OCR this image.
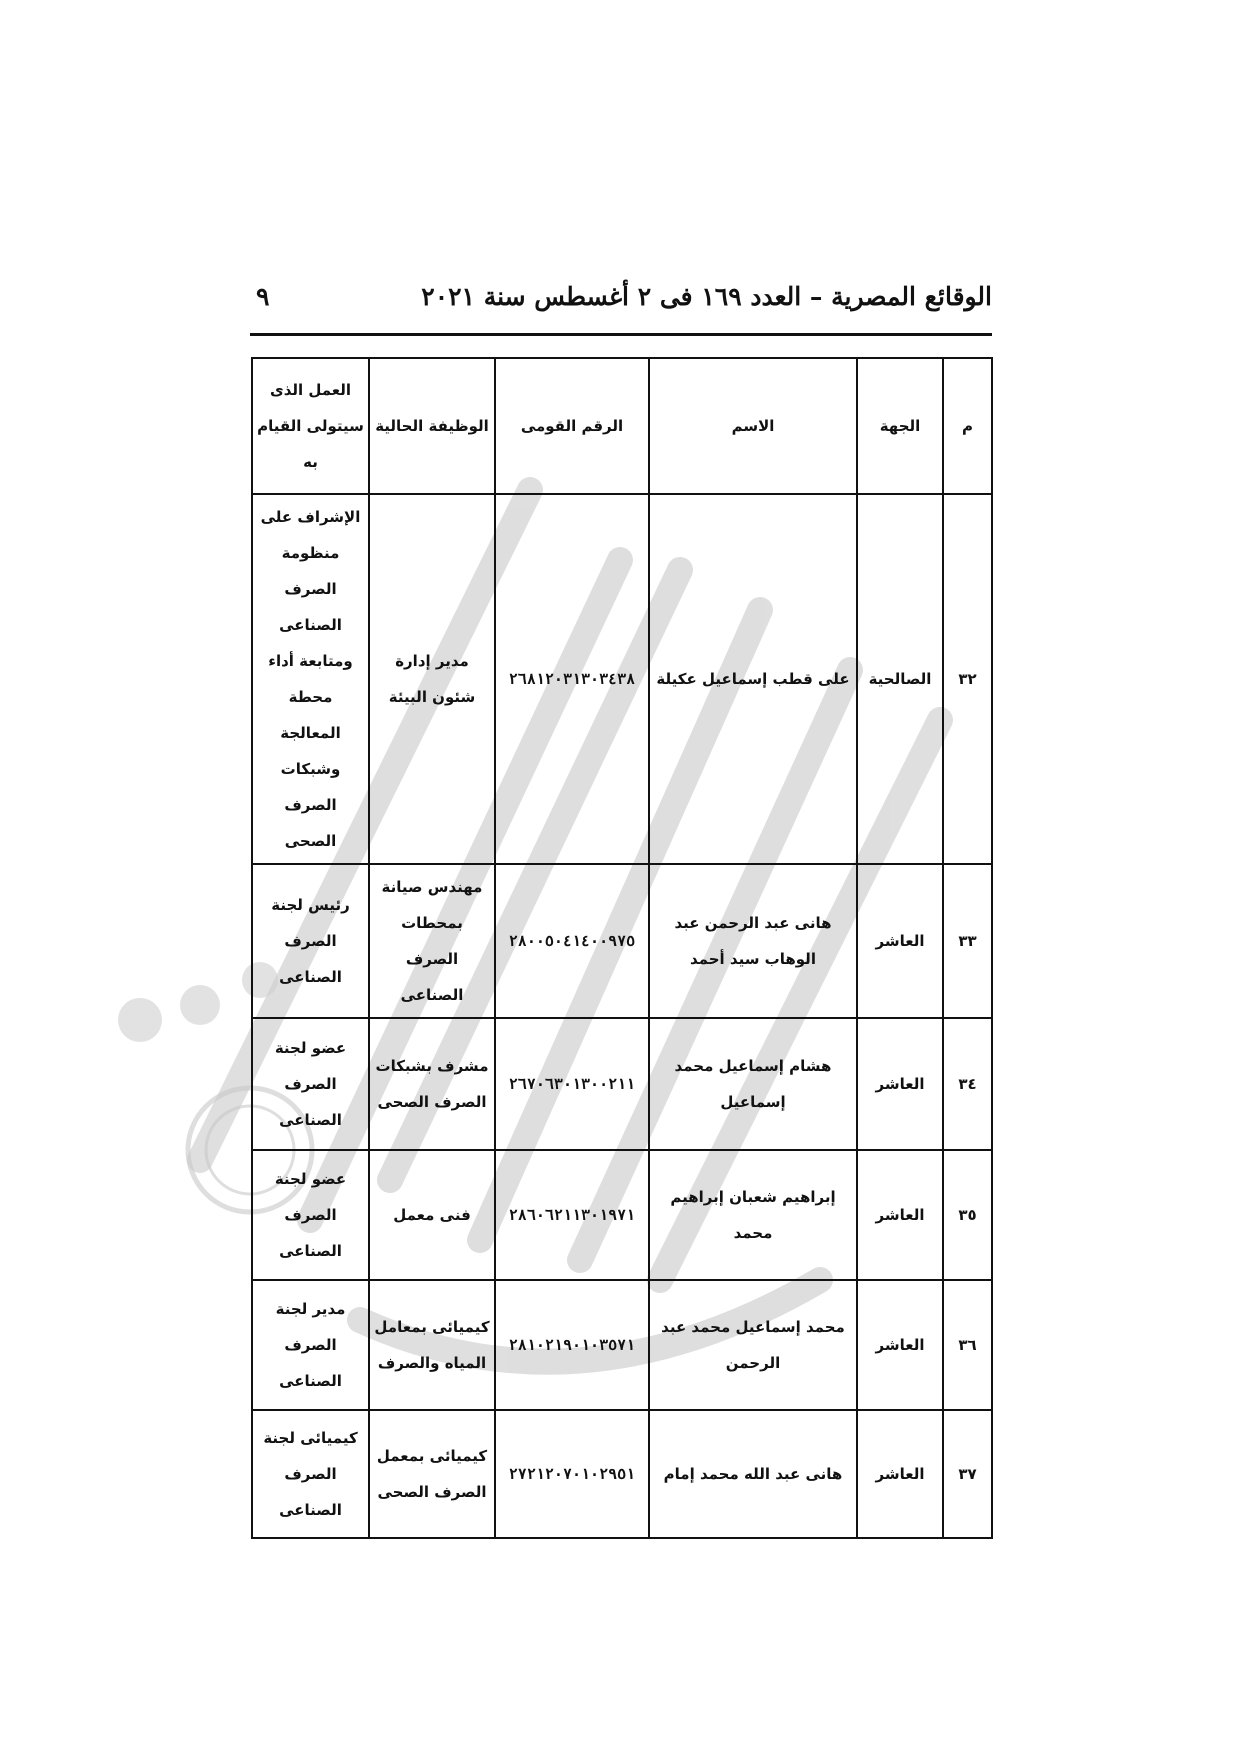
الوقائع المصرية – العدد ١٦٩ فى ٢ أغسطس سنة ٢٠٢١
٩
م	الجهة	الاسم	الرقم القومى	الوظيفة الحالية	العمل الذى سيتولى القيام به
٣٢	الصالحية	على قطب إسماعيل عكيلة	٢٦٨١٢٠٣١٣٠٣٤٣٨	مدير إدارة شئون البيئة	الإشراف على منظومة الصرف الصناعى ومتابعة أداء محطة المعالجة وشبكات الصرف الصحى
٣٣	العاشر	هانى عبد الرحمن عبد الوهاب سيد أحمد	٢٨٠٠٥٠٤١٤٠٠٩٧٥	مهندس صيانة بمحطات الصرف الصناعى	رئيس لجنة الصرف الصناعى
٣٤	العاشر	هشام إسماعيل محمد إسماعيل	٢٦٧٠٦٣٠١٣٠٠٢١١	مشرف بشبكات الصرف الصحى	عضو لجنة الصرف الصناعى
٣٥	العاشر	إبراهيم شعبان إبراهيم محمد	٢٨٦٠٦٢١١٣٠١٩٧١	فنى معمل	عضو لجنة الصرف الصناعى
٣٦	العاشر	محمد إسماعيل محمد عبد الرحمن	٢٨١٠٢١٩٠١٠٣٥٧١	كيميائى بمعامل المياه والصرف	مدير لجنة الصرف الصناعى
٣٧	العاشر	هانى عبد الله محمد إمام	٢٧٢١٢٠٧٠١٠٢٩٥١	كيميائى بمعمل الصرف الصحى	كيميائى لجنة الصرف الصناعى
